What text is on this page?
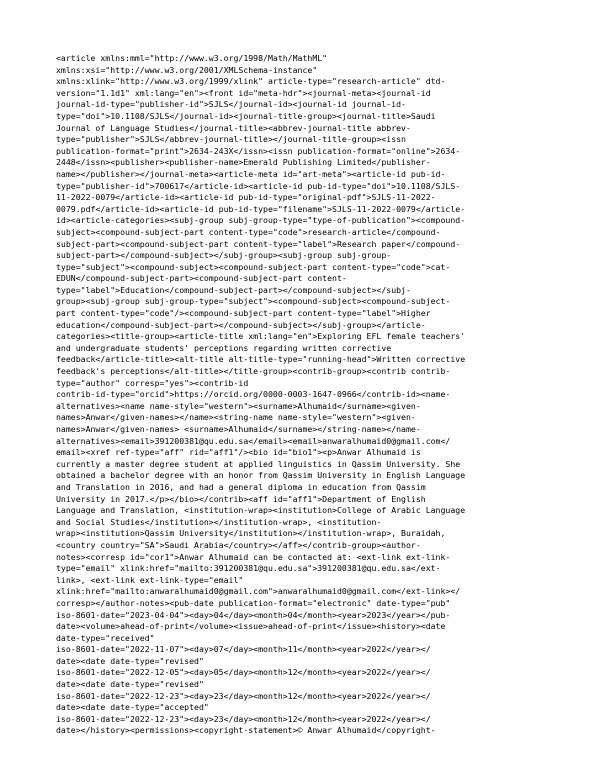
<article xmlns:mml="http://www.w3.org/1998/Math/MathML"
xmlns:xsi="http://www.w3.org/2001/XMLSchema-instance"
xmlns:xlink="http://www.w3.org/1999/xlink" article-type="research-article" dtd-
version="1.1d1" xml:lang="en"><front id="meta-hdr"><journal-meta><journal-id
journal-id-type="publisher-id">SJLS</journal-id><journal-id journal-id-
type="doi">10.1108/SJLS</journal-id><journal-title-group><journal-title>Saudi
Journal of Language Studies</journal-title><abbrev-journal-title abbrev-
type="publisher">SJLS</abbrev-journal-title></journal-title-group><issn
publication-format="print">2634-243X</issn><issn publication-format="online">2634-
2448</issn><publisher><publisher-name>Emerald Publishing Limited</publisher-
name></publisher></journal-meta><article-meta id="art-meta"><article-id pub-id-
type="publisher-id">700617</article-id><article-id pub-id-type="doi">10.1108/SJLS-
11-2022-0079</article-id><article-id pub-id-type="original-pdf">SJLS-11-2022-
0079.pdf</article-id><article-id pub-id-type="filename">SJLS-11-2022-0079</article-
id><article-categories><subj-group subj-group-type="type-of-publication"><compound-
subject><compound-subject-part content-type="code">research-article</compound-
subject-part><compound-subject-part content-type="label">Research paper</compound-
subject-part></compound-subject></subj-group><subj-group subj-group-
type="subject"><compound-subject><compound-subject-part content-type="code">cat-
EDUN</compound-subject-part><compound-subject-part content-
type="label">Education</compound-subject-part></compound-subject></subj-
group><subj-group subj-group-type="subject"><compound-subject><compound-subject-
part content-type="code"/><compound-subject-part content-type="label">Higher
education</compound-subject-part></compound-subject></subj-group></article-
categories><title-group><article-title xml:lang="en">Exploring EFL female teachers'
and undergraduate students' perceptions regarding written corrective
feedback</article-title><alt-title alt-title-type="running-head">Written corrective
feedback's perceptions</alt-title></title-group><contrib-group><contrib contrib-
type="author" corresp="yes"><contrib-id
contrib-id-type="orcid">https://orcid.org/0000-0003-1647-0966</contrib-id><name-
alternatives><name name-style="western"><surname>Alhumaid</surname><given-
names>Anwar</given-names></name><string-name name-style="western"><given-
names>Anwar</given-names> <surname>Alhumaid</surname></string-name></name-
alternatives><email>391200381@qu.edu.sa</email><email>anwaralhumaid0@gmail.com</
email><xref ref-type="aff" rid="aff1"/><bio id="bio1"><p>Anwar Alhumaid is
currently a master degree student at applied linguistics in Qassim University. She
obtained a bachelor degree with an honor from Qassim University in English Language
and Translation in 2016, and had a general diploma in education from Qassim
University in 2017.</p></bio></contrib><aff id="aff1">Department of English
Language and Translation, <institution-wrap><institution>College of Arabic Language
and Social Studies</institution></institution-wrap>, <institution-
wrap><institution>Qassim University</institution></institution-wrap>, Buraidah,
<country country="SA">Saudi Arabia</country></aff></contrib-group><author-
notes><corresp id="cor1">Anwar Alhumaid can be contacted at: <ext-link ext-link-
type="email" xlink:href="mailto:391200381@qu.edu.sa">391200381@qu.edu.sa</ext-
link>, <ext-link ext-link-type="email"
xlink:href="mailto:anwaralhumaid0@gmail.com">anwaralhumaid0@gmail.com</ext-link></
corresp></author-notes><pub-date publication-format="electronic" date-type="pub"
iso-8601-date="2023-04-04"><day>04</day><month>04</month><year>2023</year></pub-
date><volume>ahead-of-print</volume><issue>ahead-of-print</issue><history><date
date-type="received"
iso-8601-date="2022-11-07"><day>07</day><month>11</month><year>2022</year></
date><date date-type="revised"
iso-8601-date="2022-12-05"><day>05</day><month>12</month><year>2022</year></
date><date date-type="revised"
iso-8601-date="2022-12-23"><day>23</day><month>12</month><year>2022</year></
date><date date-type="accepted"
iso-8601-date="2022-12-23"><day>23</day><month>12</month><year>2022</year></
date></history><permissions><copyright-statement>© Anwar Alhumaid</copyright-
